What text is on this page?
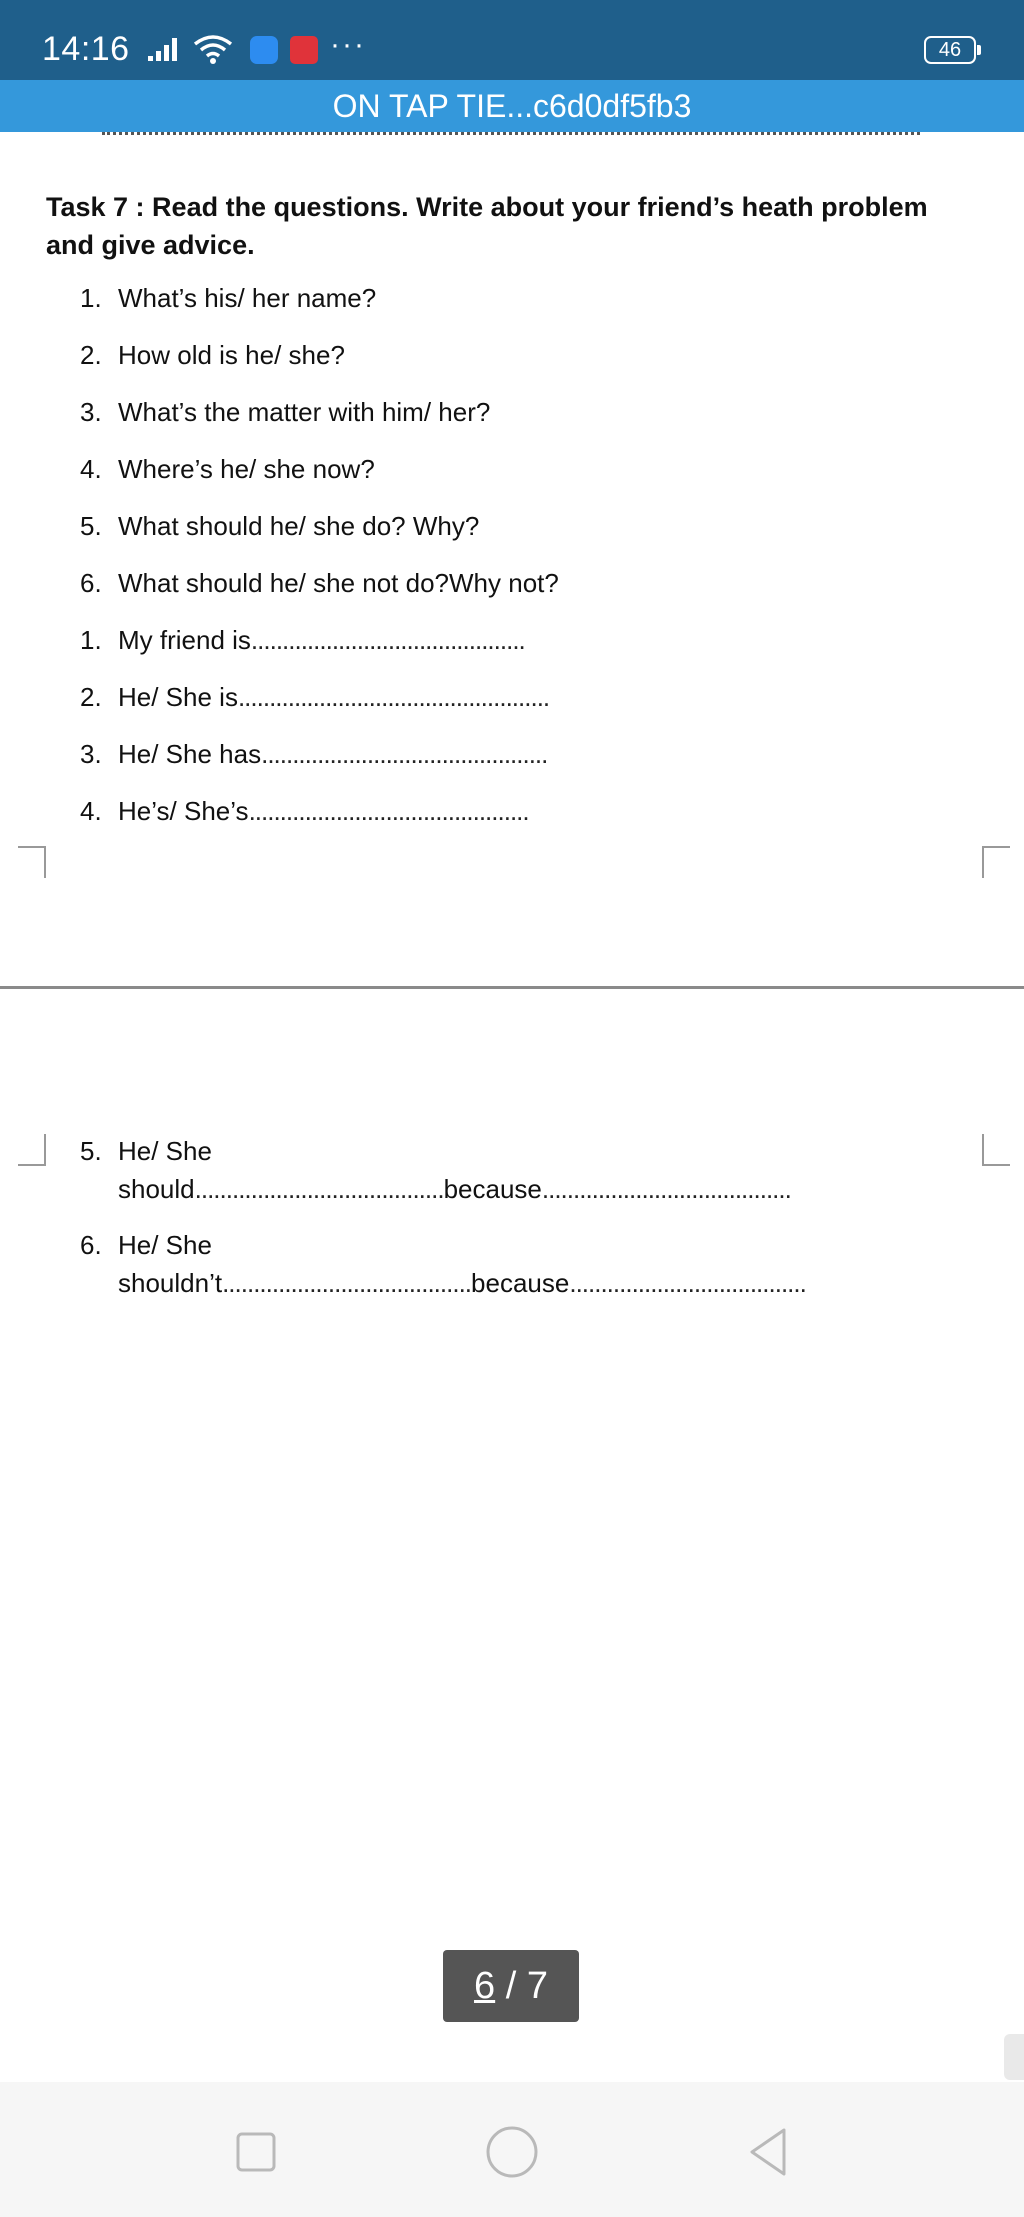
14:16	···	46
ON TAP TIE...c6d0df5fb3
Task 7 : Read the questions. Write about your friend’s heath problem and give advice.
1. What’s his/ her name?
2. How old is he/ she?
3. What’s the matter with him/ her?
4. Where’s he/ she now?
5. What should he/ she do? Why?
6. What should he/ she not do?Why not?
1. My friend is............................................
2. He/ She is..................................................
3. He/ She has..............................................
4. He’s/ She’s.............................................
5. He/ She
should........................................because........................................
6. He/ She
shouldn’t........................................because......................................
6 / 7
